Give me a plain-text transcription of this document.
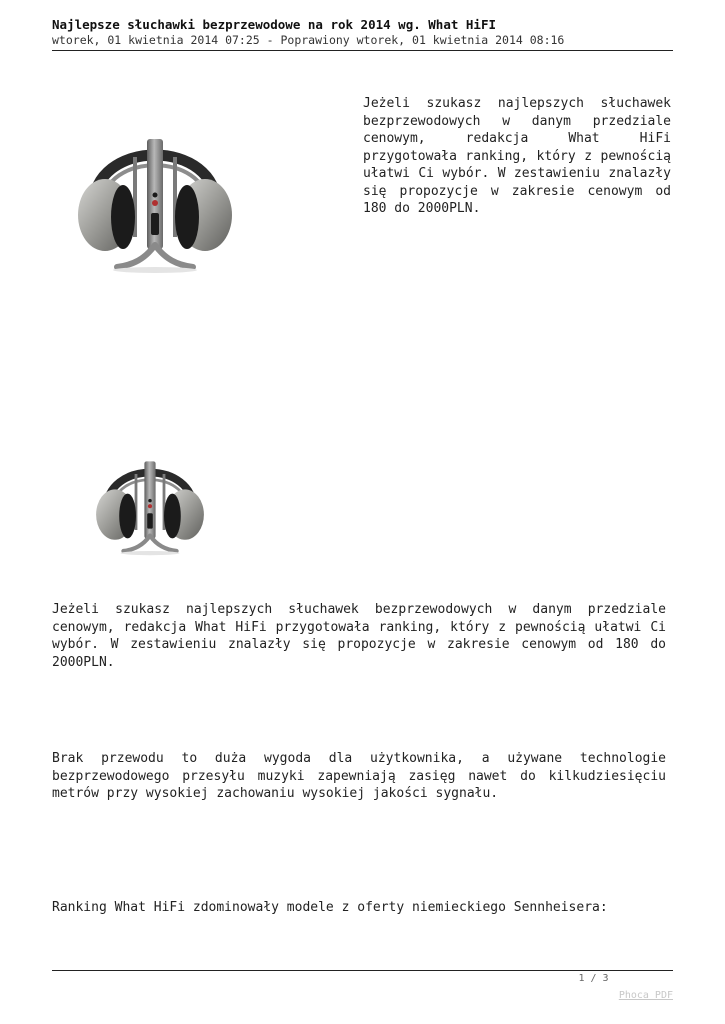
Najlepsze słuchawki bezprzewodowe na rok 2014 wg. What HiFI
wtorek, 01 kwietnia 2014 07:25 - Poprawiony wtorek, 01 kwietnia 2014 08:16
Jeżeli szukasz najlepszych słuchawek bezprzewodowych w danym przedziale cenowym, redakcja What HiFi przygotowała ranking, który z pewnością ułatwi Ci wybór. W zestawieniu znalazły się propozycje w zakresie cenowym od 180 do 2000PLN.
Jeżeli szukasz najlepszych słuchawek bezprzewodowych w danym przedziale cenowym, redakcja What HiFi przygotowała ranking, który z pewnością ułatwi Ci wybór. W zestawieniu znalazły się propozycje w zakresie cenowym od 180 do 2000PLN.
Brak przewodu to duża wygoda dla użytkownika, a używane technologie bezprzewodowego przesyłu muzyki zapewniają zasięg nawet do kilkudziesięciu metrów przy wysokiej zachowaniu wysokiej jakości sygnału.
Ranking What HiFi zdominowały modele z oferty niemieckiego Sennheisera:
1 / 3
Phoca PDF
